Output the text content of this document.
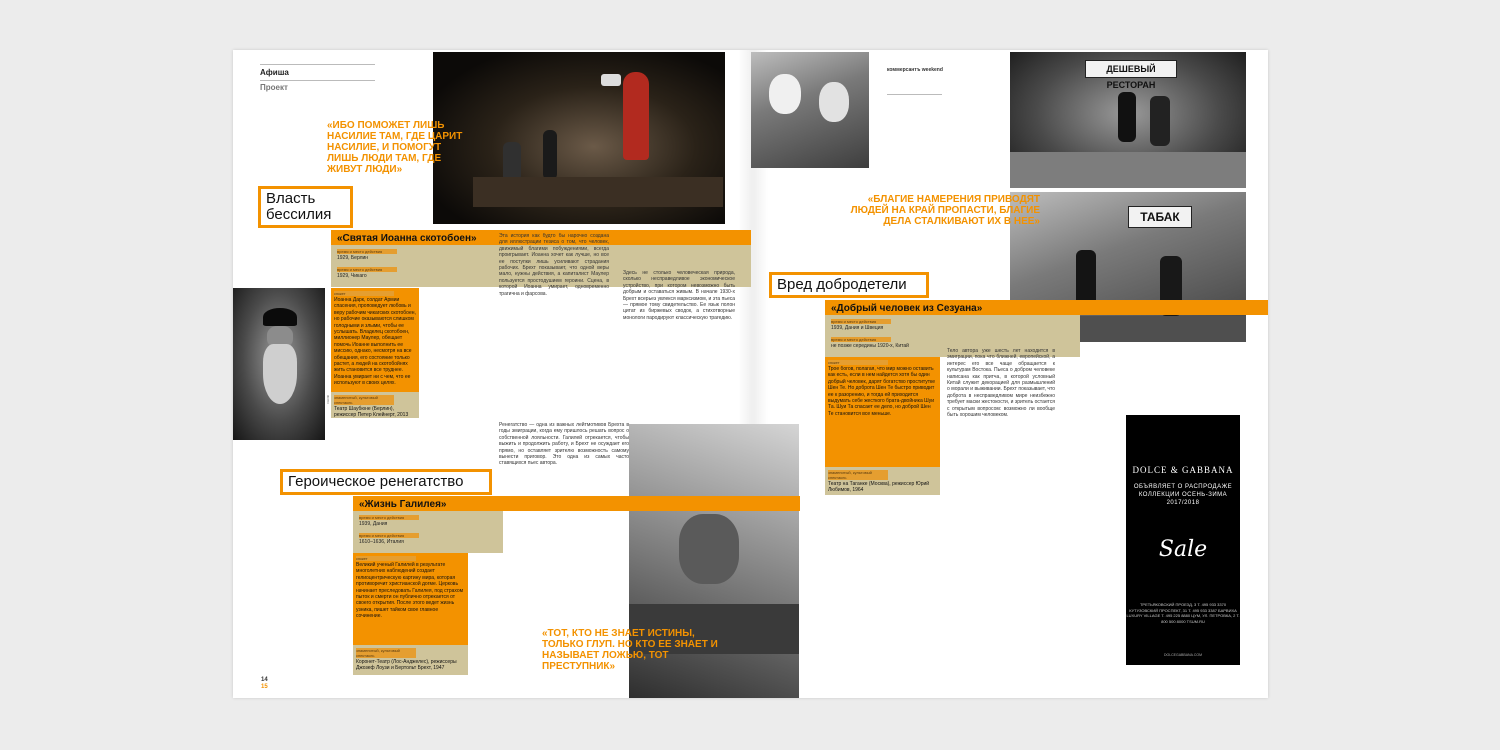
Афиша
Проект
«ИБО ПОМОЖЕТ ЛИШЬ НАСИЛИЕ ТАМ, ГДЕ ЦАРИТ НАСИЛИЕ, И ПОМОГУТ ЛИШЬ ЛЮДИ ТАМ, ГДЕ ЖИВУТ ЛЮДИ»
Власть бессилия
«Святая Иоанна скотобоен»
время и место действия
1929, Берлин
время и место действия
1929, Чикаго
ФОТО
сюжет
Иоанна Дарк, солдат Армии спасения, проповедует любовь и веру рабочим чикагских скотобоен, но рабочие оказываются слишком голодными и злыми, чтобы ее услышать. Владелец скотобоен, миллионер Маулер, обещает помочь Иоанне выполнить ее миссию, однако, несмотря на все обещания, его состояние только растет, а людей на скотобойнях жить становится все труднее. Иоанна умирает ни с чем, что ее используют в своих целях.
знаменитый, культовый спектакль
Театр Шаубюне (Берлин), режиссер Петер Клейнерт, 2013
Эта история как будто бы нарочно создана для иллюстрации тезиса о том, что человек, движимый благими побуждениями, всегда проигрывает. Иоанна хочет как лучше, но все ее поступки лишь усиливают страдания рабочих. Брехт показывает, что одной веры мало, нужны действия, а капиталист Маулер пользуется простодушием героини. Сцена, в которой Иоанна умирает, одновременно трагична и фарсова.
Здесь не столько человеческая природа, сколько несправедливое экономическое устройство, при котором невозможно быть добрым и оставаться живым. В начале 1930-х Брехт всерьез увлекся марксизмом, и эта пьеса — прямое тому свидетельство. Ее язык полон цитат из биржевых сводок, а стихотворные монологи пародируют классическую трагедию.
Ренегатство — одна из важных лейтмотивов Брехта в годы эмиграции, когда ему пришлось решать вопрос о собственной лояльности. Галилей отрекается, чтобы выжить и продолжить работу, и Брехт не осуждает его прямо, но оставляет зрителю возможность самому вынести приговор. Это одна из самых часто ставящихся пьес автора.
Героическое ренегатство
«Жизнь Галилея»
время и место действия
1939, Дания
время и место действия
1610–1636, Италия
сюжет
Великий ученый Галилей в результате многолетних наблюдений создает гелиоцентрическую картину мира, которая противоречит христианской догме. Церковь начинает преследовать Галилея, под страхом пыток и смерти он публично отрекается от своего открытия. После этого ведет жизнь узника, пишет тайком свое главное сочинение.
знаменитый, культовый спектакль
Коронет-Театр (Лос-Анджелес), режиссеры Джозеф Лоузи и Бертольт Брехт, 1947
«ТОТ, КТО НЕ ЗНАЕТ ИСТИНЫ, ТОЛЬКО ГЛУП. НО КТО ЕЕ ЗНАЕТ И НАЗЫВАЕТ ЛОЖЬЮ, ТОТ ПРЕСТУПНИК»
14
15
коммерсантъ weekend	ДЕШЕВЫЙ РЕСТОРАН
ТАБАК
«БЛАГИЕ НАМЕРЕНИЯ ПРИВОДЯТ ЛЮДЕЙ НА КРАЙ ПРОПАСТИ, БЛАГИЕ ДЕЛА СТАЛКИВАЮТ ИХ В НЕЕ»
Вред добродетели
«Добрый человек из Сезуана»
время и место действия
1939, Дания и Швеция
время и место действия
не позже середины 1920-х, Китай
сюжет
Трое богов, полагая, что мир можно оставить как есть, если в нем найдется хотя бы один добрый человек, дарят богатство проститутке Шен Те. Но доброта Шен Те быстро приводит ее к разорению, и тогда ей приходится выдумать себе жесткого брата-двойника Шуи Та. Шуи Та спасает ее дело, но доброй Шен Те становится все меньше.
знаменитый, культовый спектакль
Театр на Таганке (Москва), режиссер Юрий Любимов, 1964
Тело автора уже шесть лет находится в эмиграции, пока что ближней, европейской, а интерес его все чаще обращается к культурам Востока. Пьеса о добром человеке написана как притча, в которой условный Китай служит декорацией для размышлений о морали и выживании. Брехт показывает, что доброта в несправедливом мире неизбежно требует маски жестокости, и зритель остается с открытым вопросом: возможно ли вообще быть хорошим человеком.
DOLCE & GABBANA
ОБЪЯВЛЯЕТ О РАСПРОДАЖЕ КОЛЛЕКЦИИ ОСЕНЬ-ЗИМА 2017/2018
Sale
ТРЕТЬЯКОВСКИЙ ПРОЕЗД, 3 Т. 495 933 3370 КУТУЗОВСКИЙ ПРОСПЕКТ, 31 Т. 495 933 3387 БАРВИХА LUXURY VILLAGE Т. 495 225 8880 ЦУМ, УЛ. ПЕТРОВКА, 2 Т. 800 500 8000 TSUM.RU
DOLCEGABBANA.COM
